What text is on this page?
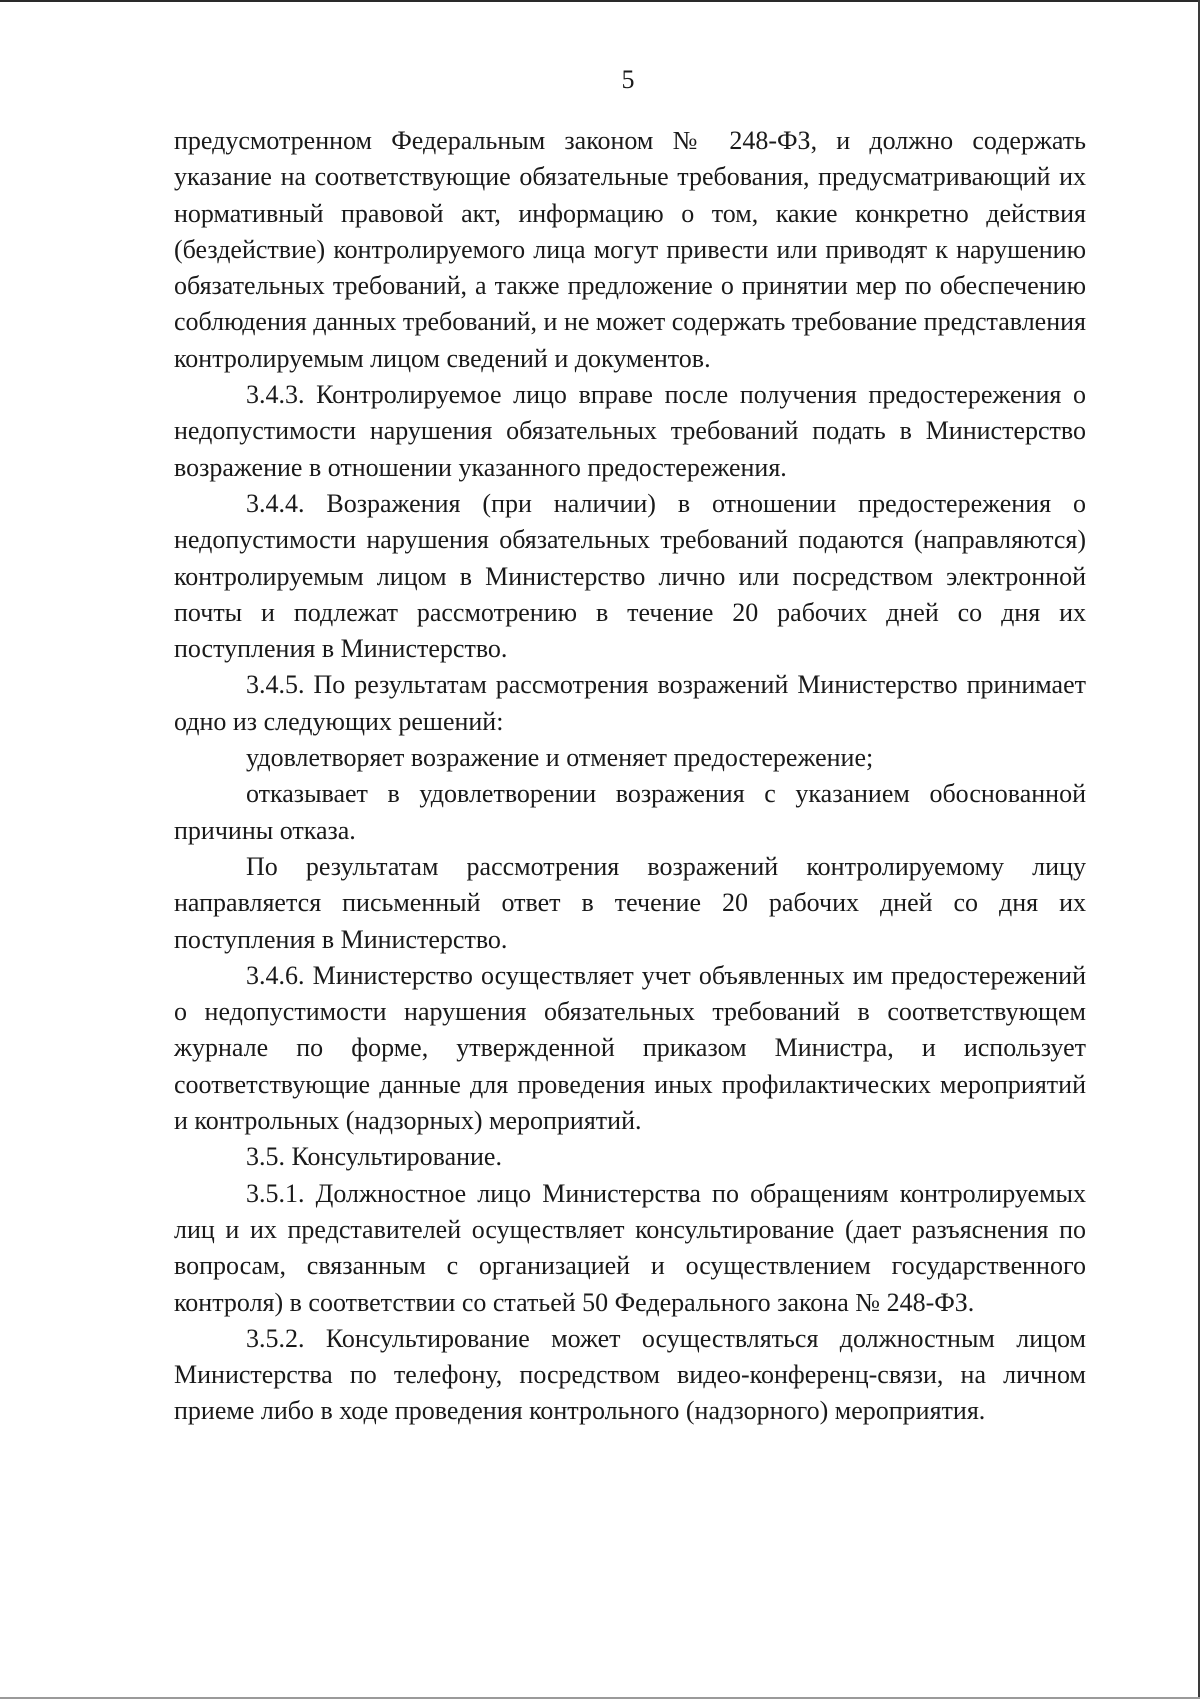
5

предусмотренном Федеральным законом № 248-ФЗ, и должно содержать указание на соответствующие обязательные требования, предусматривающий их нормативный правовой акт, информацию о том, какие конкретно действия (бездействие) контролируемого лица могут привести или приводят к нарушению обязательных требований, а также предложение о принятии мер по обеспечению соблюдения данных требований, и не может содержать требование представления контролируемым лицом сведений и документов.

3.4.3. Контролируемое лицо вправе после получения предостережения о недопустимости нарушения обязательных требований подать в Министерство возражение в отношении указанного предостережения.

3.4.4. Возражения (при наличии) в отношении предостережения о недопустимости нарушения обязательных требований подаются (направляются) контролируемым лицом в Министерство лично или посредством электронной почты и подлежат рассмотрению в течение 20 рабочих дней со дня их поступления в Министерство.

3.4.5. По результатам рассмотрения возражений Министерство принимает одно из следующих решений:

удовлетворяет возражение и отменяет предостережение;

отказывает в удовлетворении возражения с указанием обоснованной причины отказа.

По результатам рассмотрения возражений контролируемому лицу направляется письменный ответ в течение 20 рабочих дней со дня их поступления в Министерство.

3.4.6. Министерство осуществляет учет объявленных им предостережений о недопустимости нарушения обязательных требований в соответствующем журнале по форме, утвержденной приказом Министра, и использует соответствующие данные для проведения иных профилактических мероприятий и контрольных (надзорных) мероприятий.

3.5. Консультирование.

3.5.1. Должностное лицо Министерства по обращениям контролируемых лиц и их представителей осуществляет консультирование (дает разъяснения по вопросам, связанным с организацией и осуществлением государственного контроля) в соответствии со статьей 50 Федерального закона № 248-ФЗ.

3.5.2. Консультирование может осуществляться должностным лицом Министерства по телефону, посредством видео-конференц-связи, на личном приеме либо в ходе проведения контрольного (надзорного) мероприятия.
